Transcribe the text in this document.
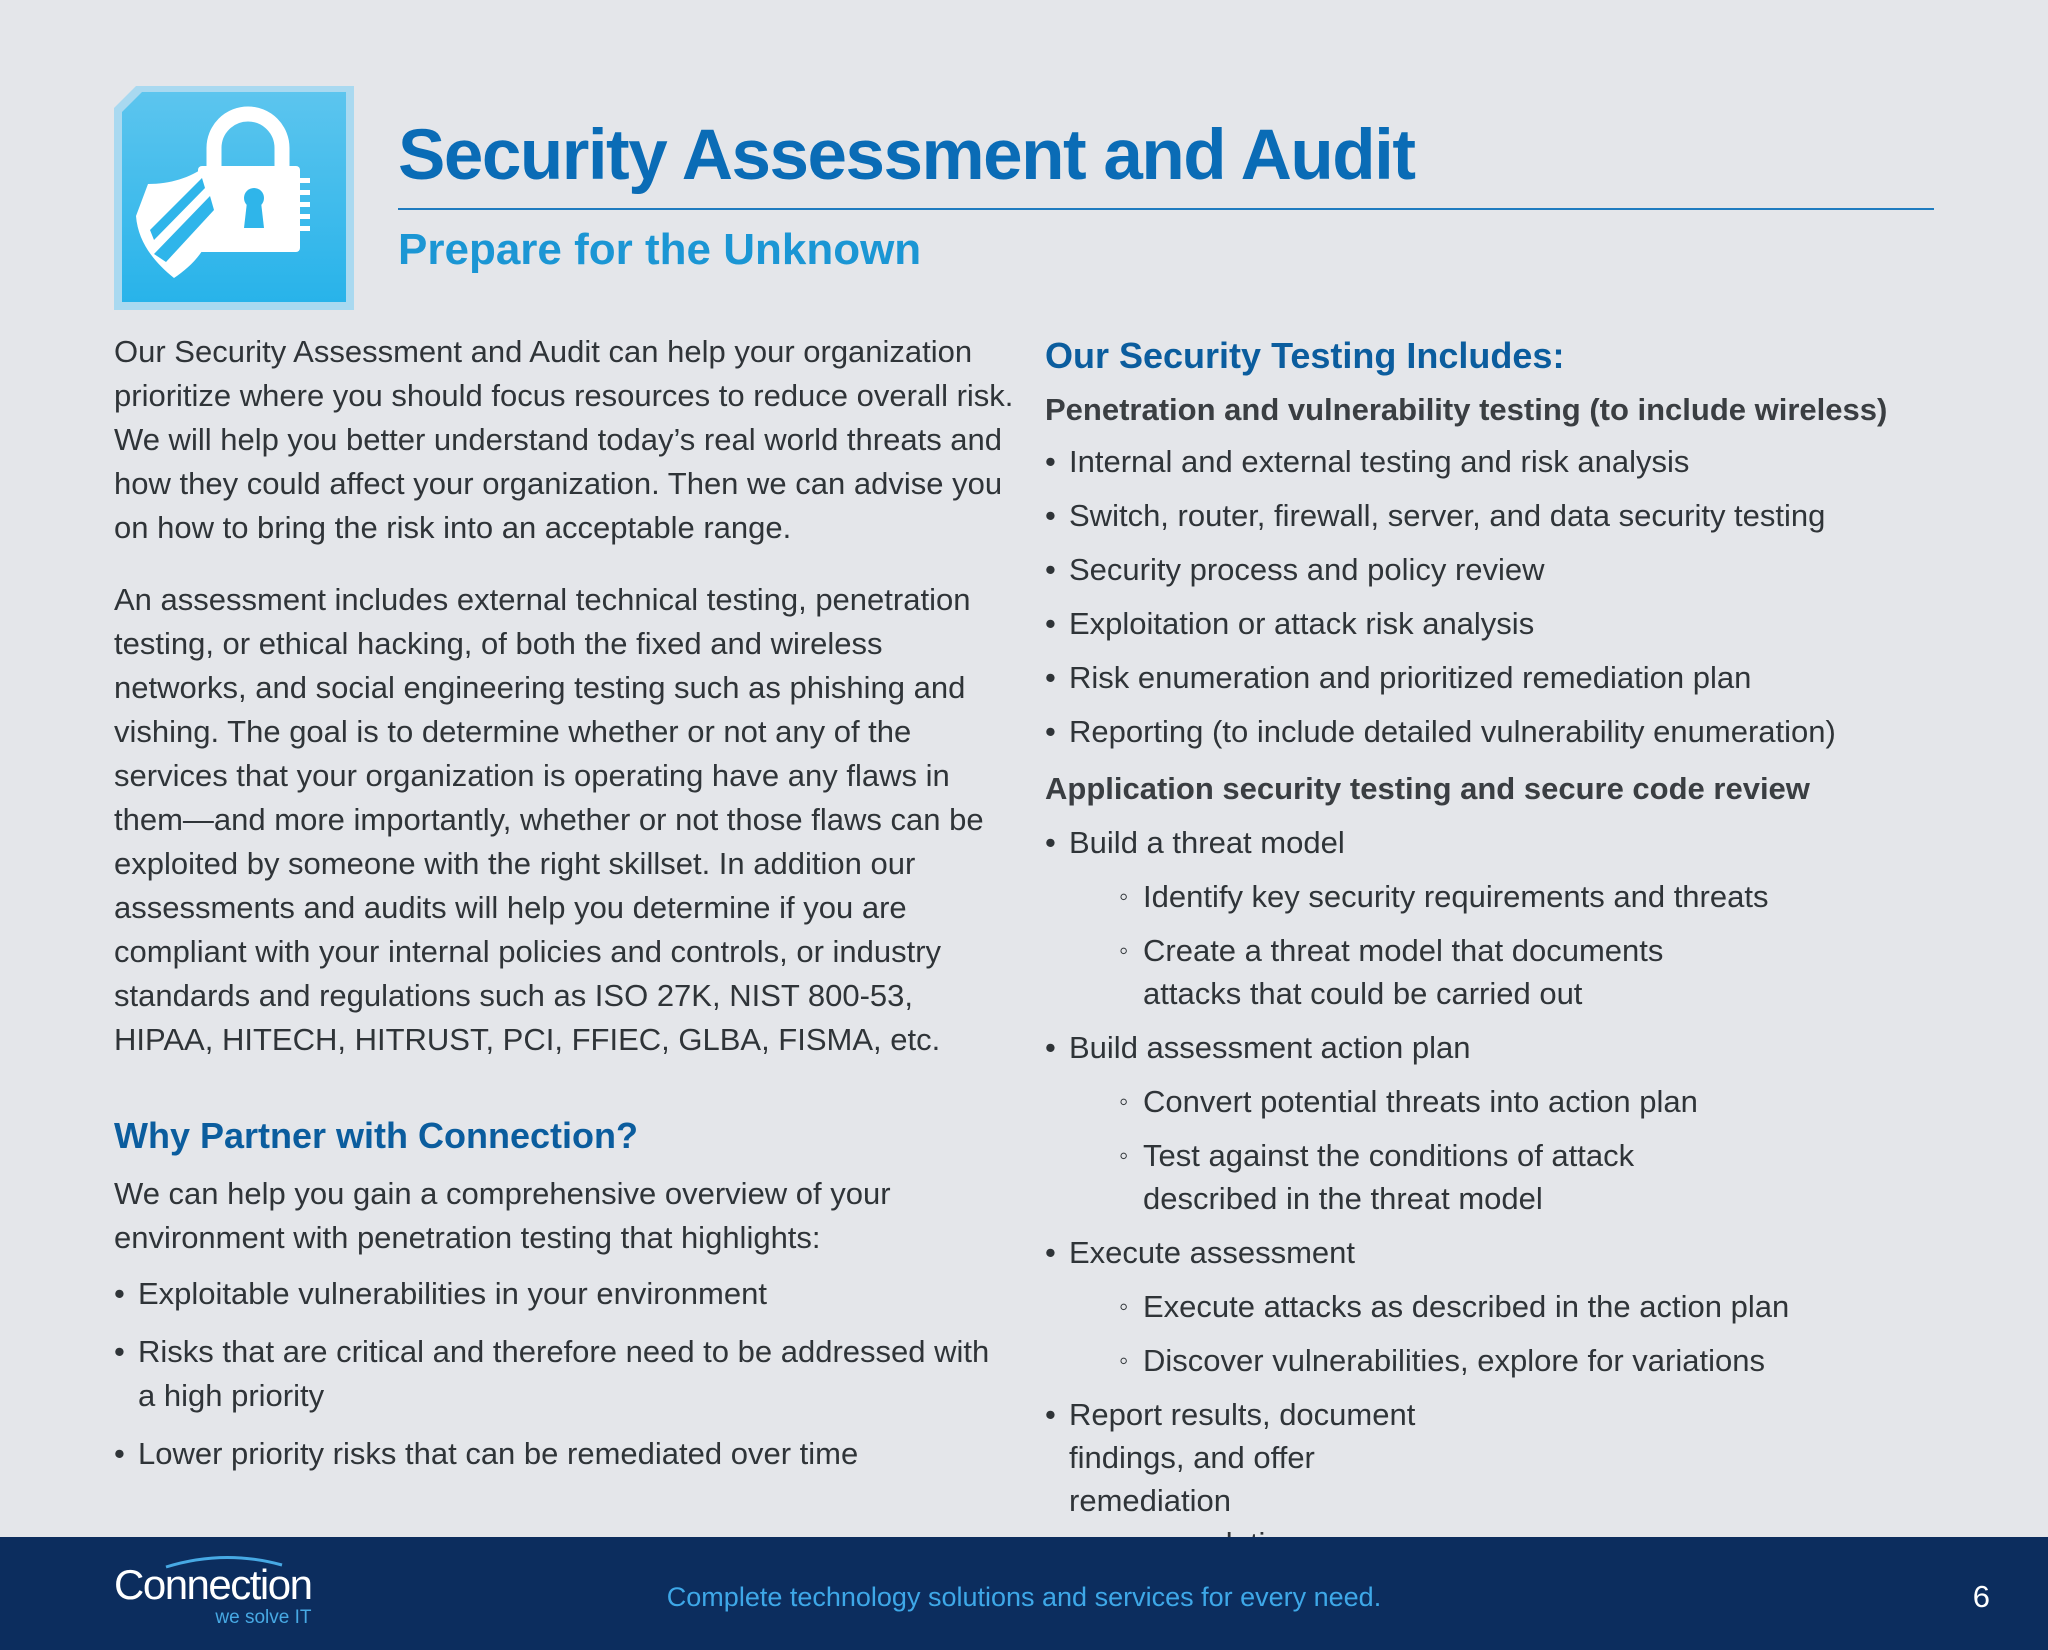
Security Assessment and Audit
Prepare for the Unknown

Our Security Assessment and Audit can help your organization prioritize where you should focus resources to reduce overall risk. We will help you better understand today’s real world threats and how they could affect your organization. Then we can advise you on how to bring the risk into an acceptable range.

An assessment includes external technical testing, penetration testing, or ethical hacking, of both the fixed and wireless networks, and social engineering testing such as phishing and vishing. The goal is to determine whether or not any of the services that your organization is operating have any flaws in them—and more importantly, whether or not those flaws can be exploited by someone with the right skillset. In addition our assessments and audits will help you determine if you are compliant with your internal policies and controls, or industry standards and regulations such as ISO 27K, NIST 800-53, HIPAA, HITECH, HITRUST, PCI, FFIEC, GLBA, FISMA, etc.

Why Partner with Connection?

We can help you gain a comprehensive overview of your environment with penetration testing that highlights:

• Exploitable vulnerabilities in your environment
• Risks that are critical and therefore need to be addressed with a high priority
• Lower priority risks that can be remediated over time
Our Security Testing Includes:
Penetration and vulnerability testing (to include wireless)
• Internal and external testing and risk analysis
• Switch, router, firewall, server, and data security testing
• Security process and policy review
• Exploitation or attack risk analysis
• Risk enumeration and prioritized remediation plan
• Reporting (to include detailed vulnerability enumeration)
Application security testing and secure code review
• Build a threat model
◦ Identify key security requirements and threats
◦ Create a threat model that documents attacks that could be carried out
• Build assessment action plan
◦ Convert potential threats into action plan
◦ Test against the conditions of attack described in the threat model
• Execute assessment
◦ Execute attacks as described in the action plan
◦ Discover vulnerabilities, explore for variations
• Report results, document findings, and offer remediation
Connection
we solve IT
Complete technology solutions and services for every need.	6
